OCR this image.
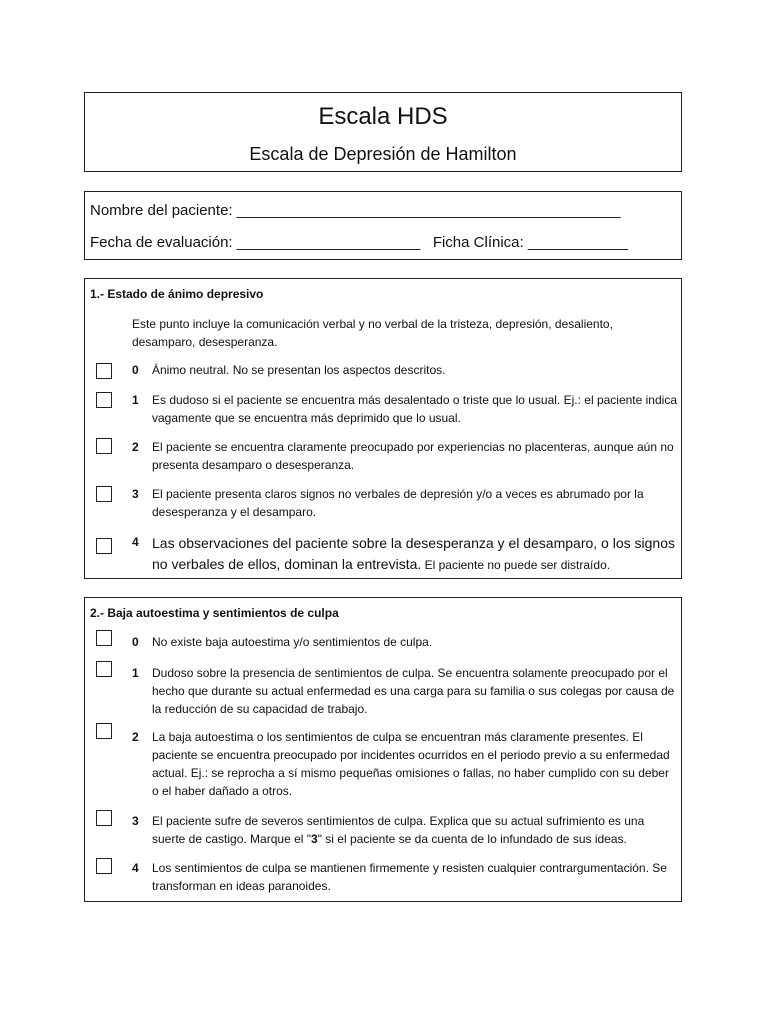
Escala HDS
Escala de Depresión de Hamilton
Nombre del paciente: ______________________________________________
Fecha de evaluación: ______________________ Ficha Clínica: ____________
1.- Estado de ánimo depresivo
Este punto incluye la comunicación verbal y no verbal de la tristeza, depresión, desaliento, desamparo, desesperanza.
0 Ánimo neutral. No se presentan los aspectos descritos.
1 Es dudoso si el paciente se encuentra más desalentado o triste que lo usual. Ej.: el paciente indica vagamente que se encuentra más deprimido que lo usual.
2 El paciente se encuentra claramente preocupado por experiencias no placenteras, aunque aún no presenta desamparo o desesperanza.
3 El paciente presenta claros signos no verbales de depresión y/o a veces es abrumado por la desesperanza y el desamparo.
4 Las observaciones del paciente sobre la desesperanza y el desamparo, o los signos no verbales de ellos, dominan la entrevista. El paciente no puede ser distraído.
2.- Baja autoestima y sentimientos de culpa
0 No existe baja autoestima y/o sentimientos de culpa.
1 Dudoso sobre la presencia de sentimientos de culpa. Se encuentra solamente preocupado por el hecho que durante su actual enfermedad es una carga para su familia o sus colegas por causa de la reducción de su capacidad de trabajo.
2 La baja autoestima o los sentimientos de culpa se encuentran más claramente presentes. El paciente se encuentra preocupado por incidentes ocurridos en el periodo previo a su enfermedad actual. Ej.: se reprocha a sí mismo pequeñas omisiones o fallas, no haber cumplido con su deber o el haber dañado a otros.
3 El paciente sufre de severos sentimientos de culpa. Explica que su actual sufrimiento es una suerte de castigo. Marque el "3" si el paciente se da cuenta de lo infundado de sus ideas.
4 Los sentimientos de culpa se mantienen firmemente y resisten cualquier contrargumentación. Se transforman en ideas paranoides.
